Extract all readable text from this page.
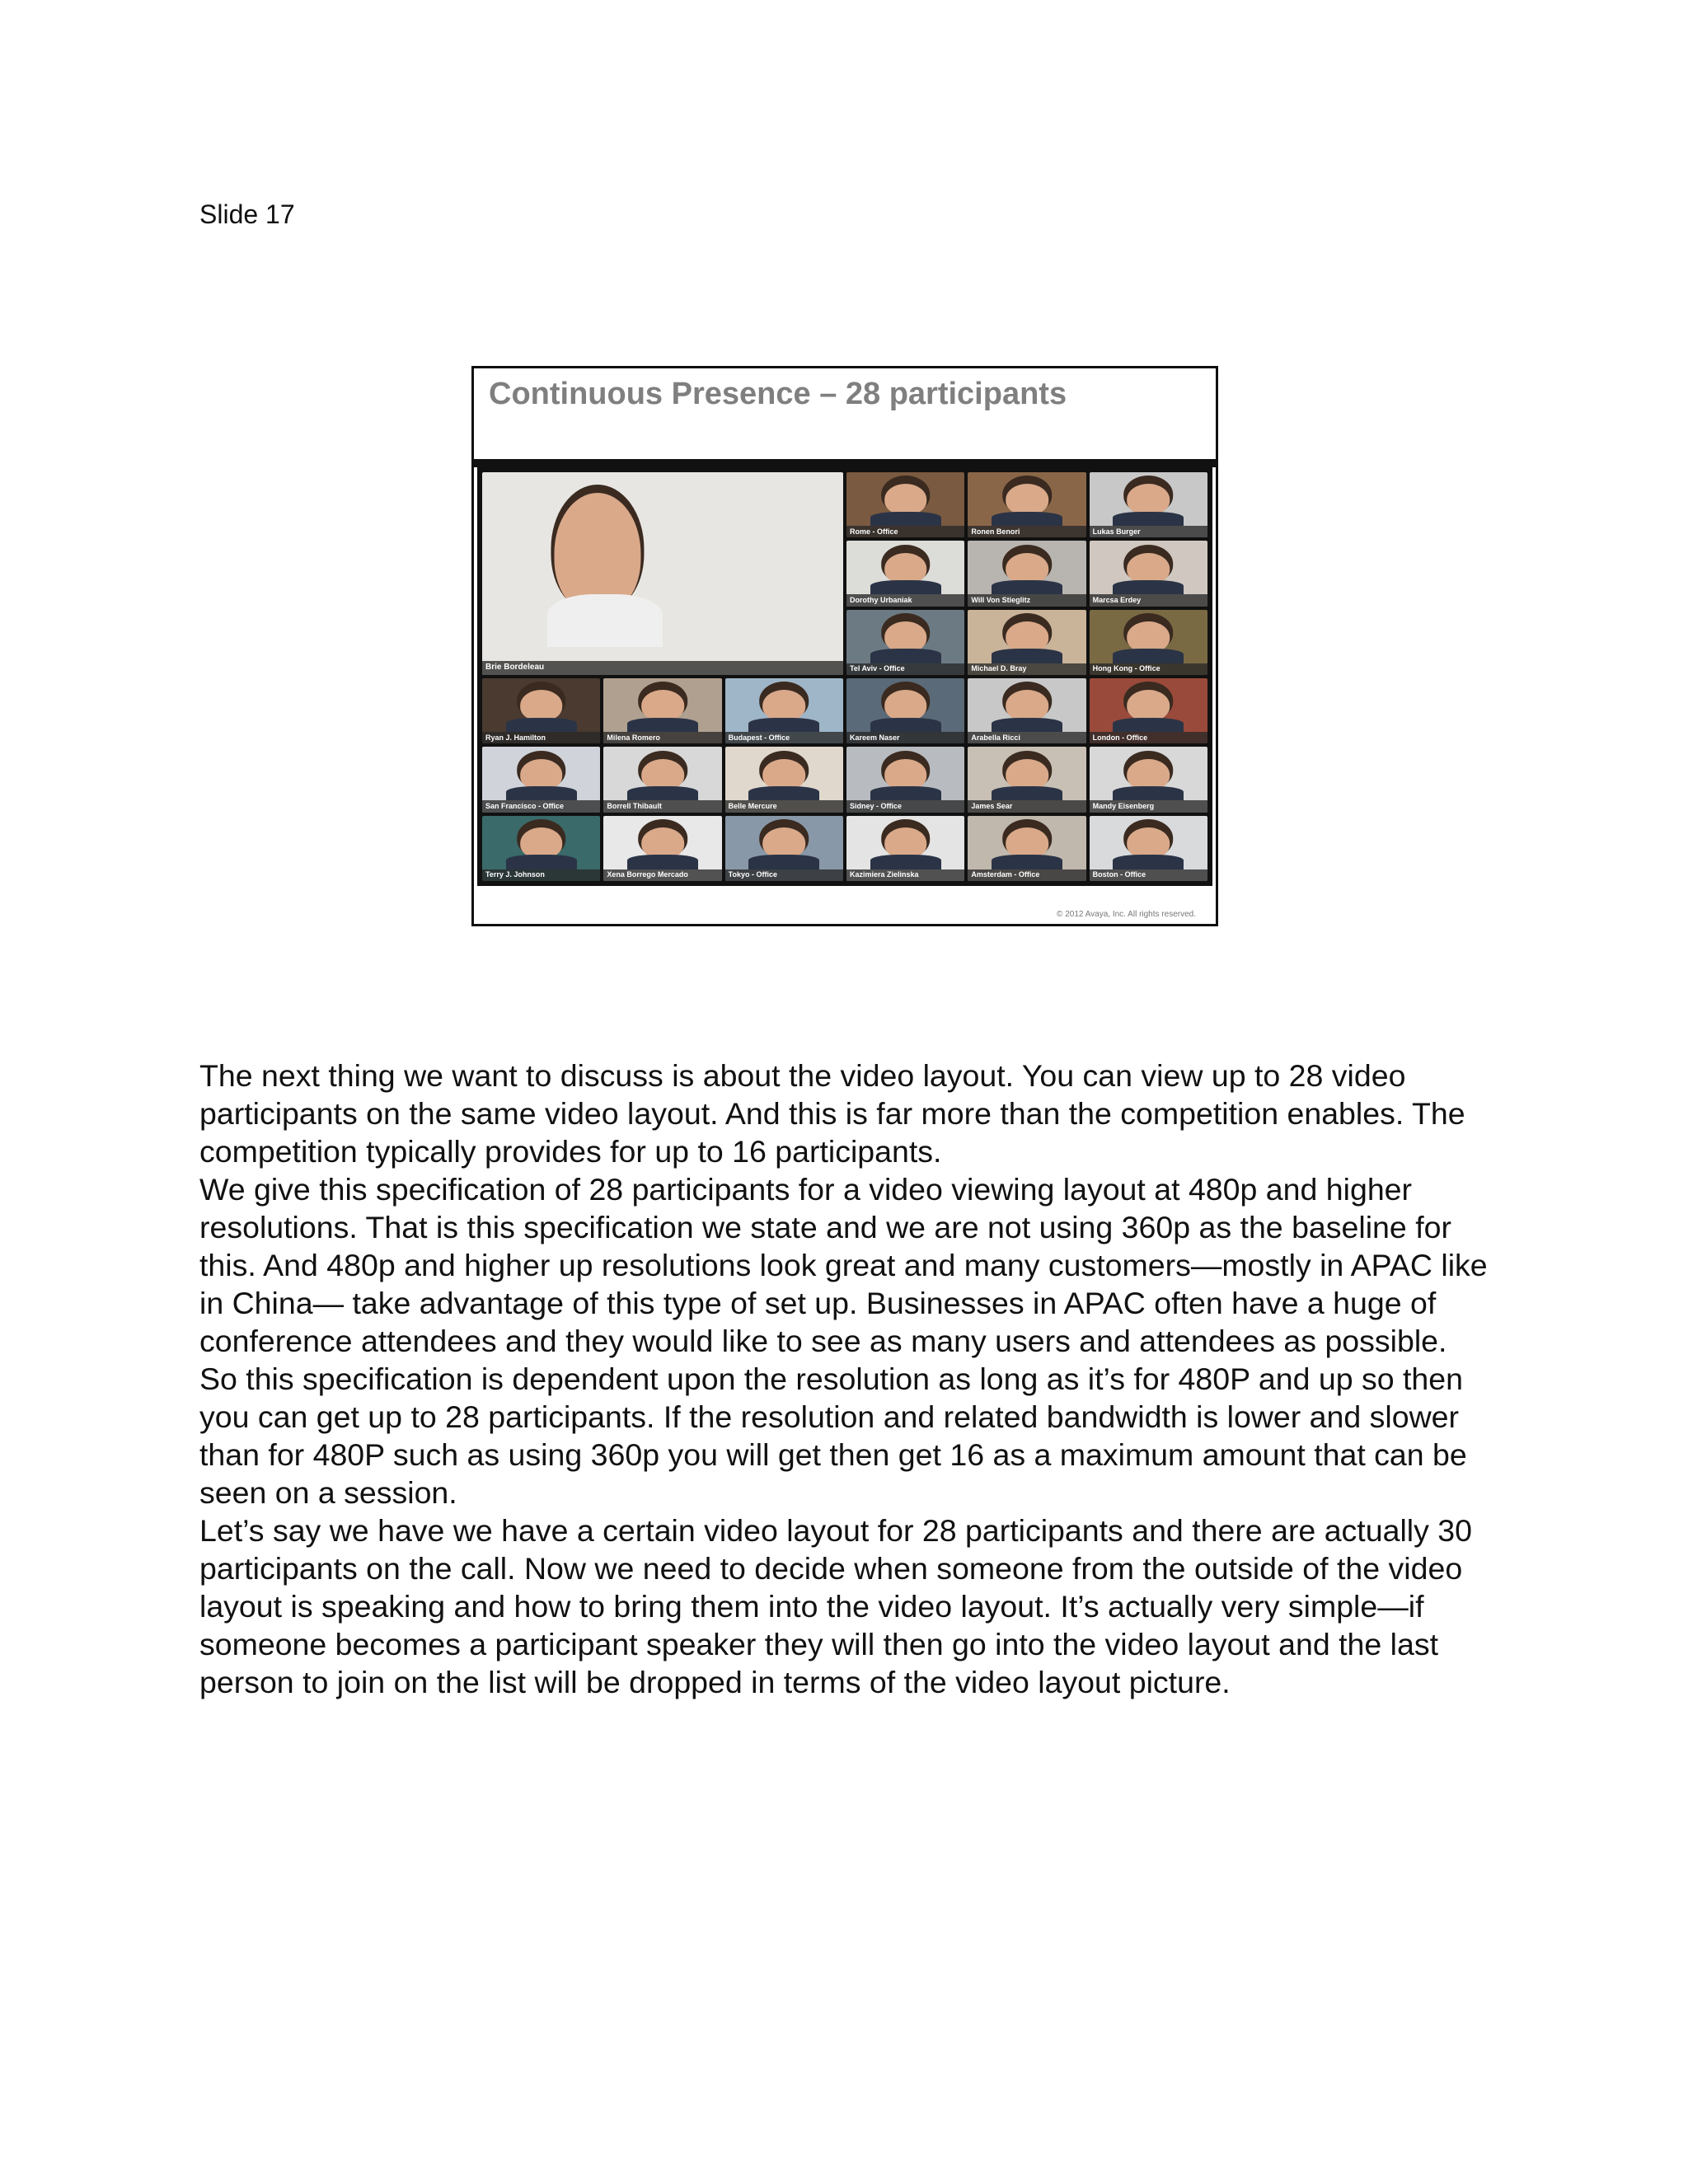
Slide 17
Continuous Presence – 28 participants
Brie Bordeleau
Rome - Office	Ronen Benori	Lukas Burger
Dorothy Urbaniak	Will Von Stieglitz	Marcsa Erdey
Tel Aviv - Office	Michael D. Bray	Hong Kong - Office
Ryan J. Hamilton	Milena Romero	Budapest - Office	Kareem Naser	Arabella Ricci	London - Office
San Francisco - Office	Borrell Thibault	Belle Mercure	Sidney - Office	James Sear	Mandy Eisenberg
Terry J. Johnson	Xena Borrego Mercado	Tokyo - Office	Kazimiera Zielinska	Amsterdam - Office	Boston - Office
© 2012 Avaya, Inc. All rights reserved.

The next thing we want to discuss is about the video layout. You can view up to 28 video participants on the same video layout. And this is far more than the competition enables. The competition typically provides for up to 16 participants.

We give this specification of 28 participants for a video viewing layout at 480p and higher resolutions. That is this specification we state and we are not using 360p as the baseline for this. And 480p and higher up resolutions look great and many customers—mostly in APAC like in China— take advantage of this type of set up. Businesses in APAC often have a huge of conference attendees and they would like to see as many users and attendees as possible.

So this specification is dependent upon the resolution as long as it’s for 480P and up so then you can get up to 28 participants. If the resolution and related bandwidth is lower and slower than for 480P such as using 360p you will get then get 16 as a maximum amount that can be seen on a session.

Let’s say we have we have a certain video layout for 28 participants and there are actually 30 participants on the call. Now we need to decide when someone from the outside of the video layout is speaking and how to bring them into the video layout. It’s actually very simple—if someone becomes a participant speaker they will then go into the video layout and the last person to join on the list will be dropped in terms of the video layout picture.
